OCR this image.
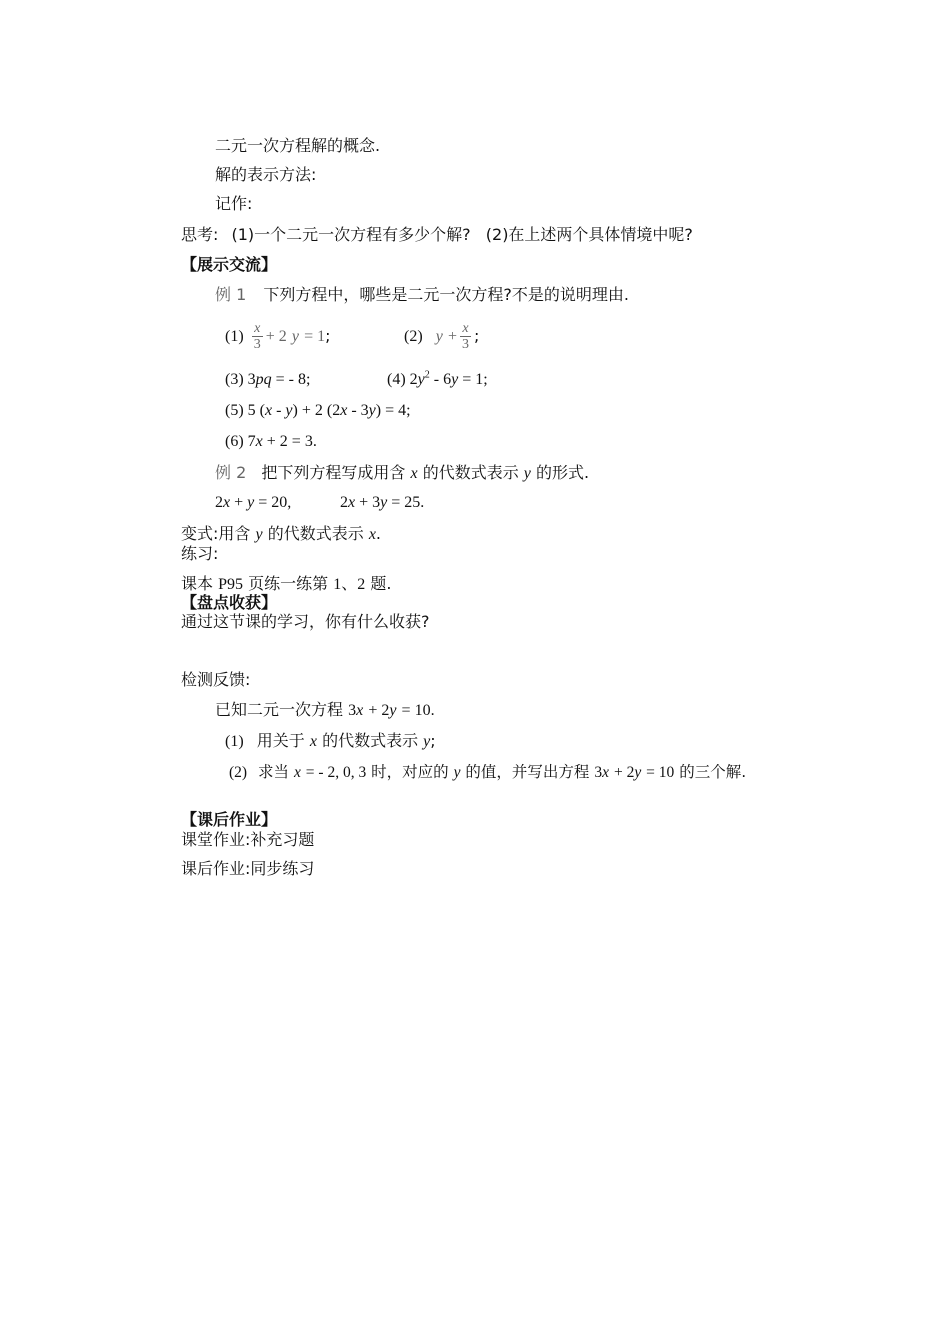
二元一次方程解的概念.
解的表示方法:
记作:
思考: (1)一个二元一次方程有多少个解? (2)在上述两个具体情境中呢?
【展示交流】
例 1 下列方程中，哪些是二元一次方程?不是的说明理由.
$(1) \frac{x}{3} + 2$ y = 1;	(2) $y + \frac{x}{3}$ ;
(3) 3pq = - 8;	(4) $2y^2 - 6y = 1$;
(5) 5 (x - y) + 2 (2x - 3y) = 4;
(6) 7x + 2 = 3.
例 2 把下列方程写成用含 x 的代数式表示 y 的形式.
2x + y = 20,	2x + 3y = 25.
变式:用含 y 的代数式表示 x.
练习:
课本 P95 页练一练第 1、2 题.
【盘点收获】
通过这节课的学习，你有什么收获?
检测反馈:
已知二元一次方程 3x + 2y = 10.
(1) 用关于 x 的代数式表示 y;
(2) 求当 x = - 2, 0, 3 时，对应的 y 的值，并写出方程 3x + 2y = 10 的三个解.
【课后作业】
课堂作业:补充习题
课后作业:同步练习
